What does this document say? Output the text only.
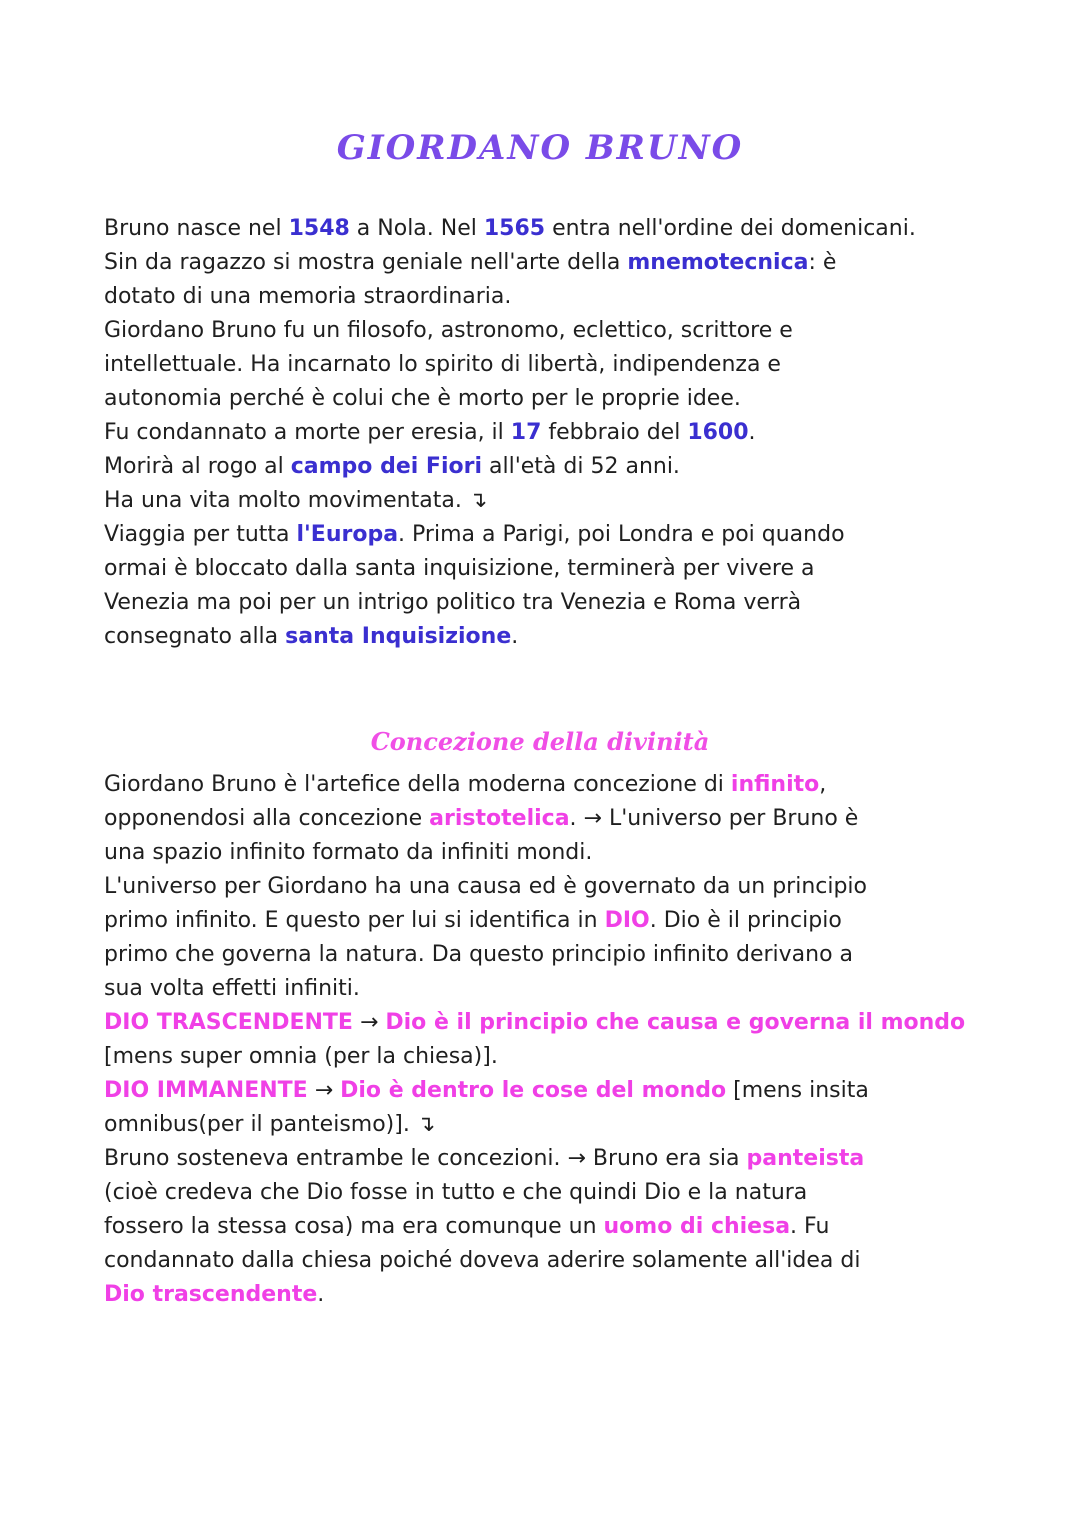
GIORDANO BRUNO
Bruno nasce nel 1548 a Nola. Nel 1565 entra nell'ordine dei domenicani.
Sin da ragazzo si mostra geniale nell'arte della mnemotecnica: è
dotato di una memoria straordinaria.
Giordano Bruno fu un filosofo, astronomo, eclettico, scrittore e
intellettuale. Ha incarnato lo spirito di libertà, indipendenza e
autonomia perché è colui che è morto per le proprie idee.
Fu condannato a morte per eresia, il 17 febbraio del 1600.
Morirà al rogo al campo dei Fiori all'età di 52 anni.
Ha una vita molto movimentata. ↴
Viaggia per tutta l'Europa. Prima a Parigi, poi Londra e poi quando
ormai è bloccato dalla santa inquisizione, terminerà per vivere a
Venezia ma poi per un intrigo politico tra Venezia e Roma verrà
consegnato alla santa Inquisizione.
Concezione della divinità
Giordano Bruno è l'artefice della moderna concezione di infinito,
opponendosi alla concezione aristotelica. → L'universo per Bruno è
una spazio infinito formato da infiniti mondi.
L'universo per Giordano ha una causa ed è governato da un principio
primo infinito. E questo per lui si identifica in DIO. Dio è il principio
primo che governa la natura. Da questo principio infinito derivano a
sua volta effetti infiniti.
DIO TRASCENDENTE → Dio è il principio che causa e governa il mondo
[mens super omnia (per la chiesa)].
DIO IMMANENTE → Dio è dentro le cose del mondo [mens insita
omnibus(per il panteismo)]. ↴
Bruno sosteneva entrambe le concezioni. → Bruno era sia panteista
(cioè credeva che Dio fosse in tutto e che quindi Dio e la natura
fossero la stessa cosa) ma era comunque un uomo di chiesa. Fu
condannato dalla chiesa poiché doveva aderire solamente all'idea di
Dio trascendente.
